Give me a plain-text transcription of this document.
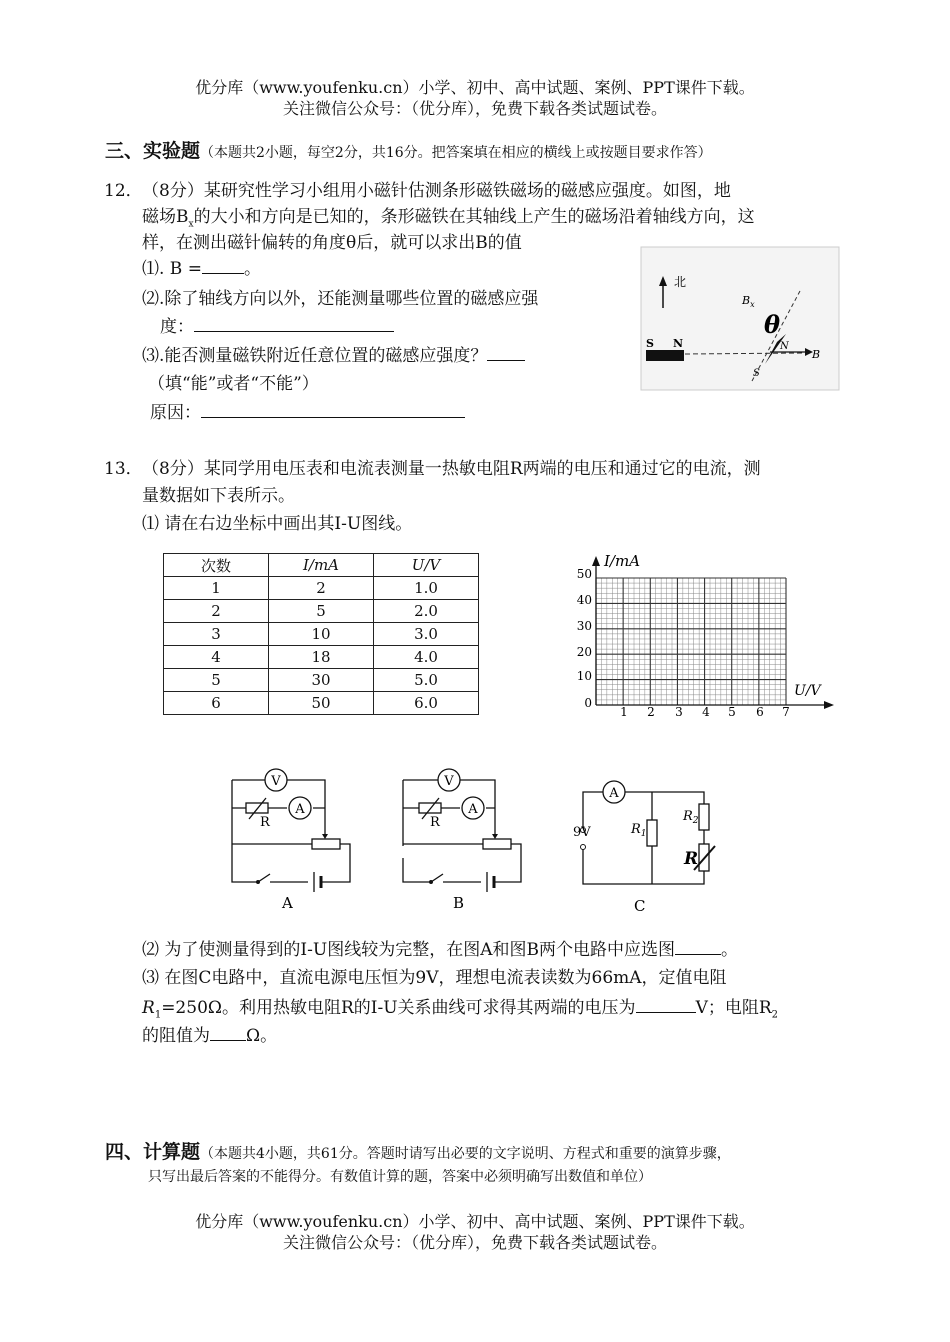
优分库（www.youfenku.cn）小学、初中、高中试题、案例、PPT课件下载。
关注微信公众号：（优分库），免费下载各类试题试卷。
三、实验题（本题共2小题，每空2分，共16分。把答案填在相应的横线上或按题目要求作答）
12． （8分）某研究性学习小组用小磁针估测条形磁铁磁场的磁感应强度。如图，地
磁场$B_x$的大小和方向是已知的，条形磁铁在其轴线上产生的磁场沿着轴线方向，这
样，在测出磁针偏转的角度θ后，就可以求出B的值
⑴. B = 。
⑵.除了轴线方向以外，还能测量哪些位置的磁感应强
度：
⑶.能否测量磁铁附近任意位置的磁感应强度？
（填“能”或者“不能”）
原因：
北
$B_x$
B
S N
θ
N
S
13． （8分）某同学用电压表和电流表测量一热敏电阻R两端的电压和通过它的电流，测
量数据如下表所示。
⑴ 请在右边坐标中画出其I-U图线。
次数	I/mA	U/V
1	2	1.0
2	5	2.0
3	10	3.0
4	18	4.0
5	30	5.0
6	50	6.0
I/mA
U/V
50
40
30
20
10
0
1 2 3 4 5 6 7
V
A
R
A
V
A
R
B
A
9V	$R_1$
$R_2$
R
C
⑵ 为了使测量得到的I-U图线较为完整，在图A和图B两个电路中应选图	。
⑶ 在图C电路中，直流电源电压恒为9V，理想电流表读数为66mA，定值电阻
$R_1=250\Omega$。利用热敏电阻R的I-U关系曲线可求得其两端的电压为	V；电阻$R_2$
的阻值为 Ω。
四、计算题（本题共4小题，共61分。答题时请写出必要的文字说明、方程式和重要的演算步骤，
只写出最后答案的不能得分。有数值计算的题，答案中必须明确写出数值和单位）
优分库（www.youfenku.cn）小学、初中、高中试题、案例、PPT课件下载。
关注微信公众号：（优分库），免费下载各类试题试卷。
